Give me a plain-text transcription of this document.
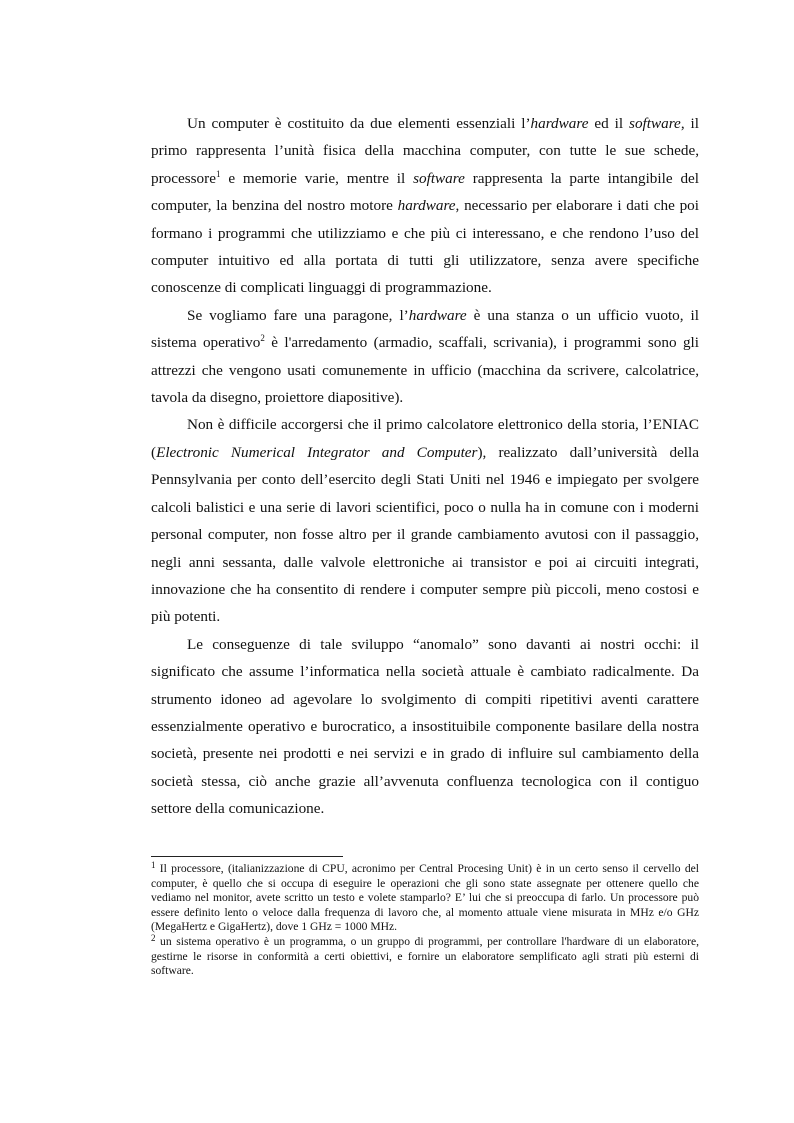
Un computer è costituito da due elementi essenziali l’hardware ed il software, il primo rappresenta l’unità fisica della macchina computer, con tutte le sue schede, processore$^1$ e memorie varie, mentre il software rappresenta la parte intangibile del computer, la benzina del nostro motore hardware, necessario per elaborare i dati che poi formano i programmi che utilizziamo e che più ci interessano, e che rendono l’uso del computer intuitivo ed alla portata di tutti gli utilizzatore, senza avere specifiche conoscenze di complicati linguaggi di programmazione.

Se vogliamo fare una paragone, l’hardware è una stanza o un ufficio vuoto, il sistema operativo$^2$ è l'arredamento (armadio, scaffali, scrivania), i programmi sono gli attrezzi che vengono usati comunemente in ufficio (macchina da scrivere, calcolatrice, tavola da disegno, proiettore diapositive).

Non è difficile accorgersi che il primo calcolatore elettronico della storia, l’ENIAC (Electronic Numerical Integrator and Computer), realizzato dall’università della Pennsylvania per conto dell’esercito degli Stati Uniti nel 1946 e impiegato per svolgere calcoli balistici e una serie di lavori scientifici, poco o nulla ha in comune con i moderni personal computer, non fosse altro per il grande cambiamento avutosi con il passaggio, negli anni sessanta, dalle valvole elettroniche ai transistor e poi ai circuiti integrati, innovazione che ha consentito di rendere i computer sempre più piccoli, meno costosi e più potenti.

Le conseguenze di tale sviluppo “anomalo” sono davanti ai nostri occhi: il significato che assume l’informatica nella società attuale è cambiato radicalmente. Da strumento idoneo ad agevolare lo svolgimento di compiti ripetitivi aventi carattere essenzialmente operativo e burocratico, a insostituibile componente basilare della nostra società, presente nei prodotti e nei servizi e in grado di influire sul cambiamento della società stessa, ciò anche grazie all’avvenuta confluenza tecnologica con il contiguo settore della comunicazione.

$^1$ Il processore, (italianizzazione di CPU, acronimo per Central Procesing Unit) è in un certo senso il cervello del computer, è quello che si occupa di eseguire le operazioni che gli sono state assegnate per ottenere quello che vediamo nel monitor, avete scritto un testo e volete stamparlo? E’ lui che si preoccupa di farlo. Un processore può essere definito lento o veloce dalla frequenza di lavoro che, al momento attuale viene misurata in MHz e/o GHz (MegaHertz e GigaHertz), dove 1 GHz = 1000 MHz.

$^2$ un sistema operativo è un programma, o un gruppo di programmi, per controllare l'hardware di un elaboratore, gestirne le risorse in conformità a certi obiettivi, e fornire un elaboratore semplificato agli strati più esterni di software.
